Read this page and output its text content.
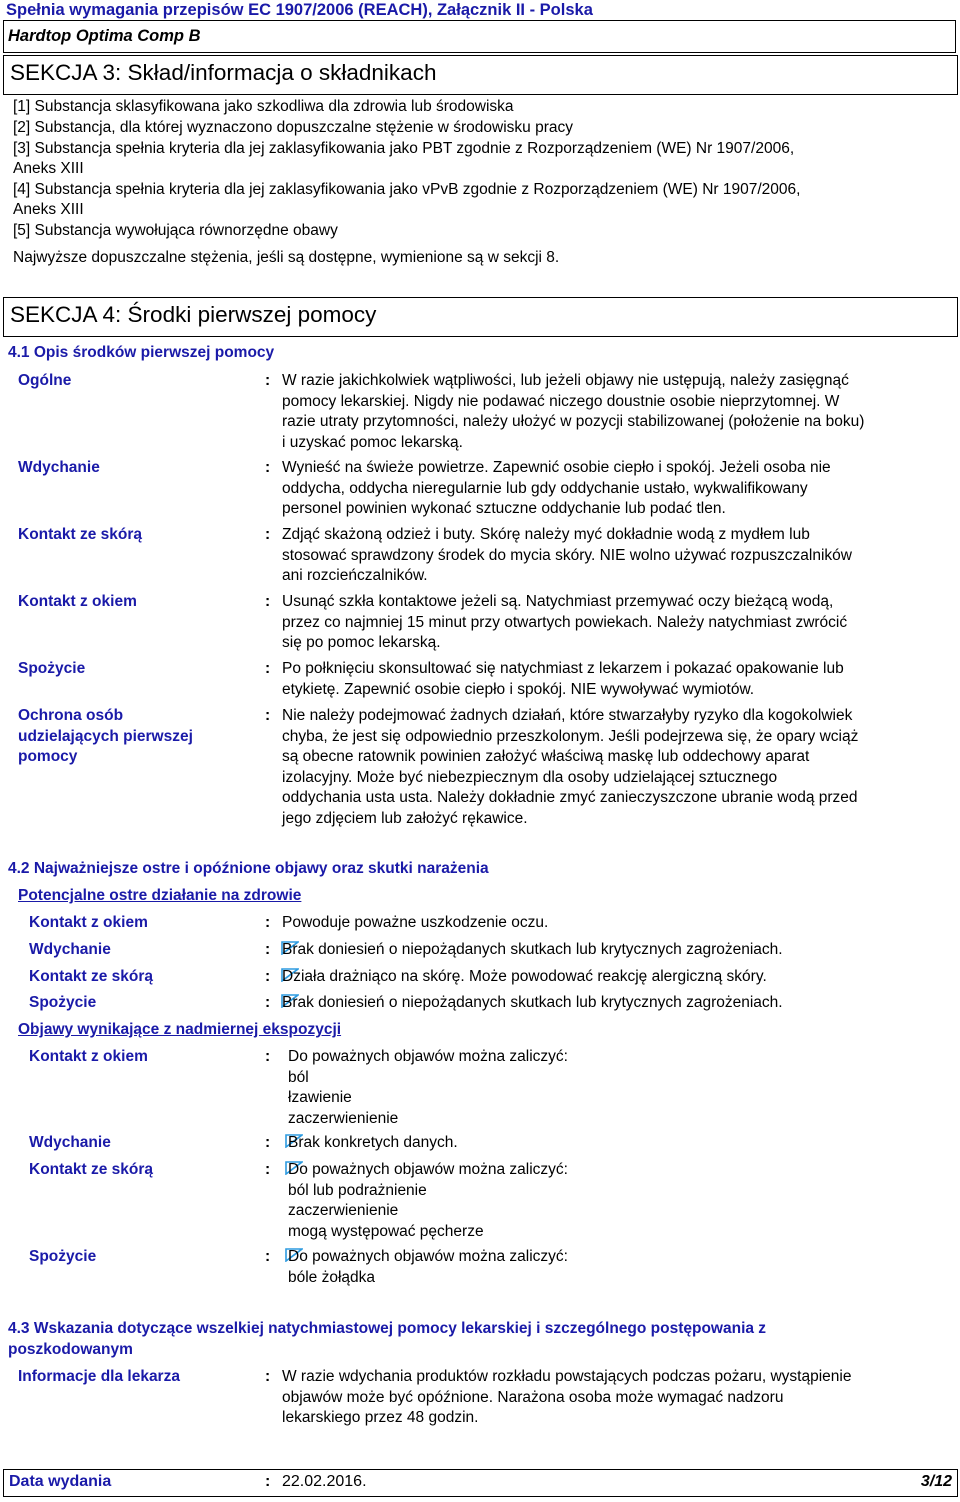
Spełnia wymagania przepisów EC 1907/2006 (REACH), Załącznik II - Polska
Hardtop Optima Comp B
SEKCJA 3: Skład/informacja o składnikach
[1] Substancja sklasyfikowana jako szkodliwa dla zdrowia lub środowiska
[2] Substancja, dla której wyznaczono dopuszczalne stężenie w środowisku pracy
[3] Substancja spełnia kryteria dla jej zaklasyfikowania jako PBT zgodnie z Rozporządzeniem (WE) Nr 1907/2006,
Aneks XIII
[4] Substancja spełnia kryteria dla jej zaklasyfikowania jako vPvB zgodnie z Rozporządzeniem (WE) Nr 1907/2006,
Aneks XIII
[5] Substancja wywołująca równorzędne obawy
Najwyższe dopuszczalne stężenia, jeśli są dostępne, wymienione są w sekcji 8.
SEKCJA 4: Środki pierwszej pomocy
4.1 Opis środków pierwszej pomocy
Ogólne	: W razie jakichkolwiek wątpliwości, lub jeżeli objawy nie ustępują, należy zasięgnąć
pomocy lekarskiej. Nigdy nie podawać niczego doustnie osobie nieprzytomnej. W
razie utraty przytomności, należy ułożyć w pozycji stabilizowanej (położenie na boku)
i uzyskać pomoc lekarską.
Wdychanie	: Wynieść na świeże powietrze. Zapewnić osobie ciepło i spokój. Jeżeli osoba nie
oddycha, oddycha nieregularnie lub gdy oddychanie ustało, wykwalifikowany
personel powinien wykonać sztuczne oddychanie lub podać tlen.
Kontakt ze skórą	: Zdjąć skażoną odzież i buty. Skórę należy myć dokładnie wodą z mydłem lub
stosować sprawdzony środek do mycia skóry. NIE wolno używać rozpuszczalników
ani rozcieńczalników.
Kontakt z okiem	: Usunąć szkła kontaktowe jeżeli są. Natychmiast przemywać oczy bieżącą wodą,
przez co najmniej 15 minut przy otwartych powiekach. Należy natychmiast zwrócić
się po pomoc lekarską.
Spożycie	: Po połknięciu skonsultować się natychmiast z lekarzem i pokazać opakowanie lub
etykietę. Zapewnić osobie ciepło i spokój. NIE wywoływać wymiotów.
Ochrona osób
udzielających pierwszej
pomocy
: Nie należy podejmować żadnych działań, które stwarzałyby ryzyko dla kogokolwiek
chyba, że jest się odpowiednio przeszkolonym. Jeśli podejrzewa się, że opary wciąż
są obecne ratownik powinien założyć właściwą maskę lub oddechowy aparat
izolacyjny. Może być niebezpiecznym dla osoby udzielającej sztucznego
oddychania usta usta. Należy dokładnie zmyć zanieczyszczone ubranie wodą przed
jego zdjęciem lub założyć rękawice.
4.2 Najważniejsze ostre i opóźnione objawy oraz skutki narażenia
Potencjalne ostre działanie na zdrowie
Kontakt z okiem	: Powoduje poważne uszkodzenie oczu.
Wdychanie	: Brak doniesień o niepożądanych skutkach lub krytycznych zagrożeniach.
Kontakt ze skórą	: Działa drażniąco na skórę. Może powodować reakcję alergiczną skóry.
Spożycie	: Brak doniesień o niepożądanych skutkach lub krytycznych zagrożeniach.
Objawy wynikające z nadmiernej ekspozycji
Kontakt z okiem	: Do poważnych objawów można zaliczyć:
ból
łzawienie
zaczerwienienie
Wdychanie	: Brak konkretych danych.
Kontakt ze skórą	: Do poważnych objawów można zaliczyć:
ból lub podrażnienie
zaczerwienienie
mogą występować pęcherze
Spożycie	: Do poważnych objawów można zaliczyć:
bóle żołądka
4.3 Wskazania dotyczące wszelkiej natychmiastowej pomocy lekarskiej i szczególnego postępowania z
poszkodowanym
Informacje dla lekarza	: W razie wdychania produktów rozkładu powstających podczas pożaru, wystąpienie
objawów może być opóźnione. Narażona osoba może wymagać nadzoru
lekarskiego przez 48 godzin.
Data wydania	: 22.02.2016.	3/12
